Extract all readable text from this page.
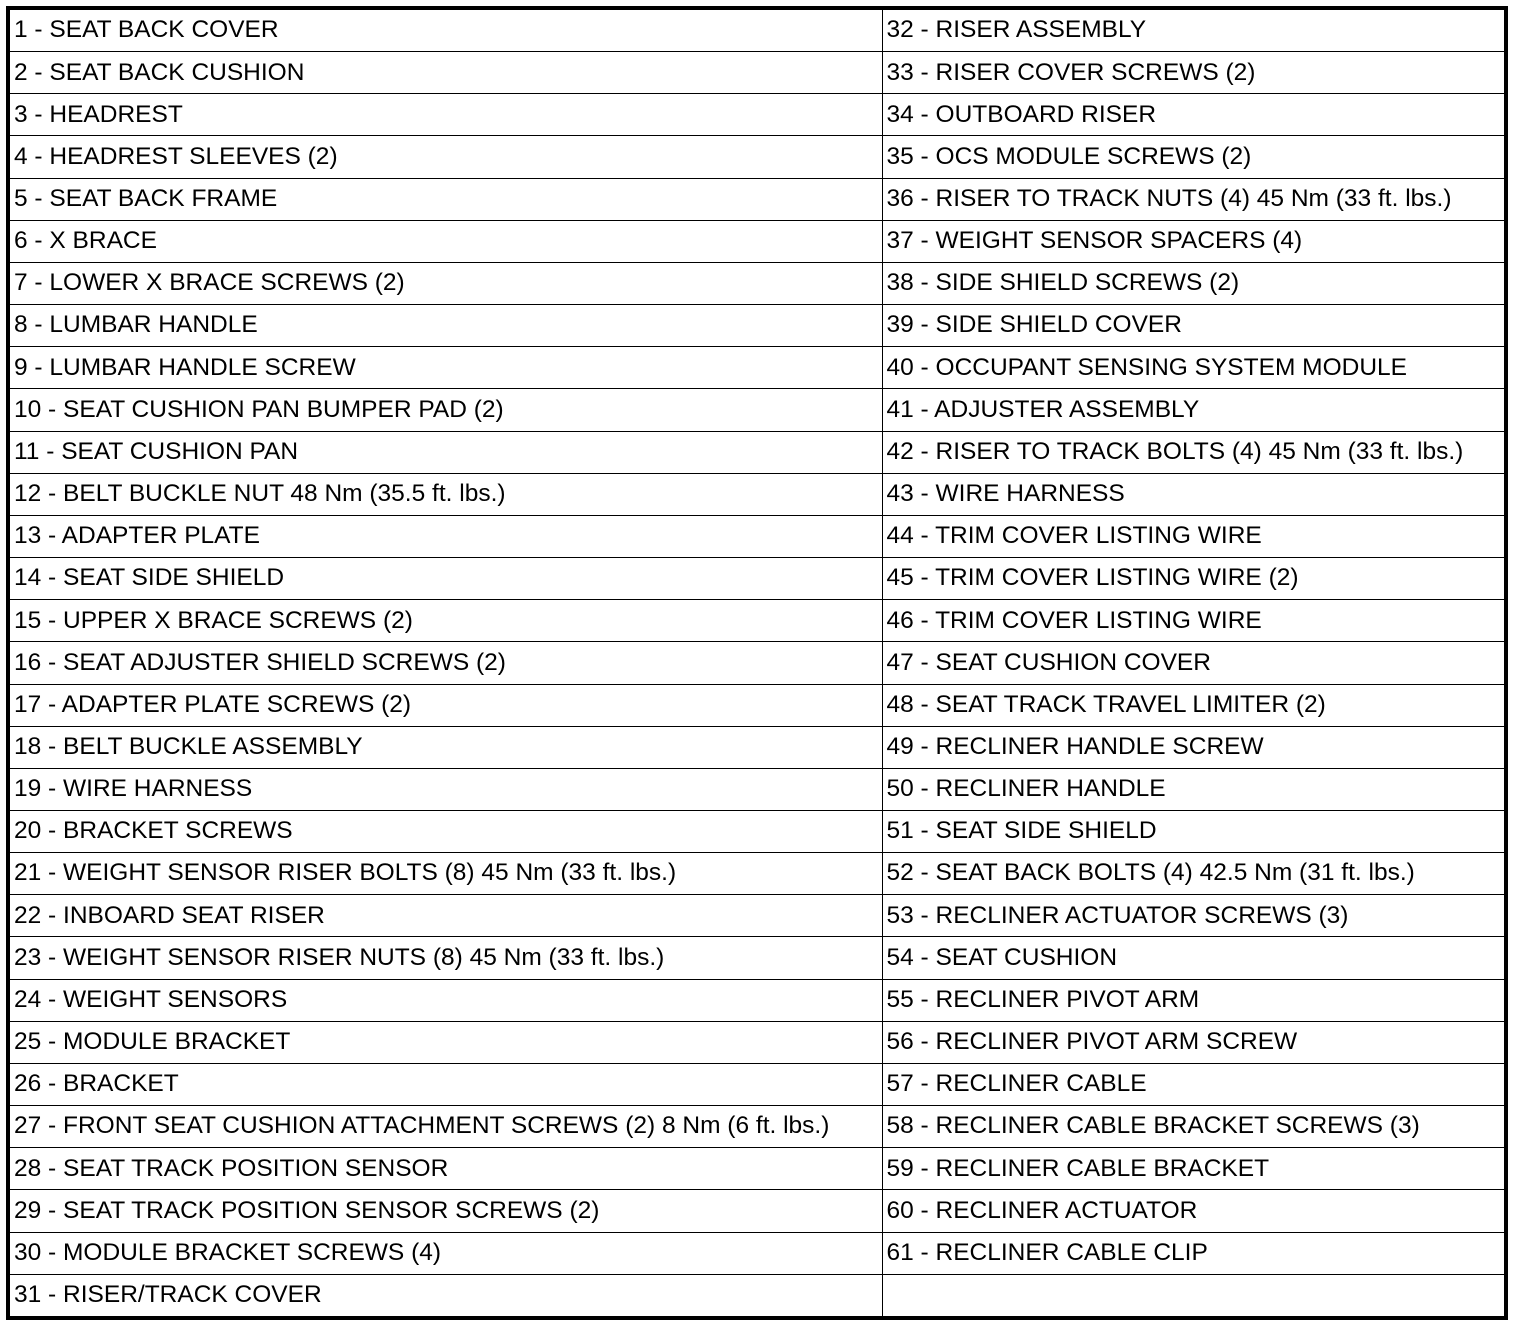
1 - SEAT BACK COVER	32 - RISER ASSEMBLY
2 - SEAT BACK CUSHION	33 - RISER COVER SCREWS (2)
3 - HEADREST	34 - OUTBOARD RISER
4 - HEADREST SLEEVES (2)	35 - OCS MODULE SCREWS (2)
5 - SEAT BACK FRAME	36 - RISER TO TRACK NUTS (4) 45 Nm (33 ft. lbs.)
6 - X BRACE	37 - WEIGHT SENSOR SPACERS (4)
7 - LOWER X BRACE SCREWS (2)	38 - SIDE SHIELD SCREWS (2)
8 - LUMBAR HANDLE	39 - SIDE SHIELD COVER
9 - LUMBAR HANDLE SCREW	40 - OCCUPANT SENSING SYSTEM MODULE
10 - SEAT CUSHION PAN BUMPER PAD (2)	41 - ADJUSTER ASSEMBLY
11 - SEAT CUSHION PAN	42 - RISER TO TRACK BOLTS (4) 45 Nm (33 ft. lbs.)
12 - BELT BUCKLE NUT 48 Nm (35.5 ft. lbs.)	43 - WIRE HARNESS
13 - ADAPTER PLATE	44 - TRIM COVER LISTING WIRE
14 - SEAT SIDE SHIELD	45 - TRIM COVER LISTING WIRE (2)
15 - UPPER X BRACE SCREWS (2)	46 - TRIM COVER LISTING WIRE
16 - SEAT ADJUSTER SHIELD SCREWS (2)	47 - SEAT CUSHION COVER
17 - ADAPTER PLATE SCREWS (2)	48 - SEAT TRACK TRAVEL LIMITER (2)
18 - BELT BUCKLE ASSEMBLY	49 - RECLINER HANDLE SCREW
19 - WIRE HARNESS	50 - RECLINER HANDLE
20 - BRACKET SCREWS	51 - SEAT SIDE SHIELD
21 - WEIGHT SENSOR RISER BOLTS (8) 45 Nm (33 ft. lbs.)	52 - SEAT BACK BOLTS (4) 42.5 Nm (31 ft. lbs.)
22 - INBOARD SEAT RISER	53 - RECLINER ACTUATOR SCREWS (3)
23 - WEIGHT SENSOR RISER NUTS (8) 45 Nm (33 ft. lbs.)	54 - SEAT CUSHION
24 - WEIGHT SENSORS	55 - RECLINER PIVOT ARM
25 - MODULE BRACKET	56 - RECLINER PIVOT ARM SCREW
26 - BRACKET	57 - RECLINER CABLE
27 - FRONT SEAT CUSHION ATTACHMENT SCREWS (2) 8 Nm (6 ft. lbs.)	58 - RECLINER CABLE BRACKET SCREWS (3)
28 - SEAT TRACK POSITION SENSOR	59 - RECLINER CABLE BRACKET
29 - SEAT TRACK POSITION SENSOR SCREWS (2)	60 - RECLINER ACTUATOR
30 - MODULE BRACKET SCREWS (4)	61 - RECLINER CABLE CLIP
31 - RISER/TRACK COVER	
